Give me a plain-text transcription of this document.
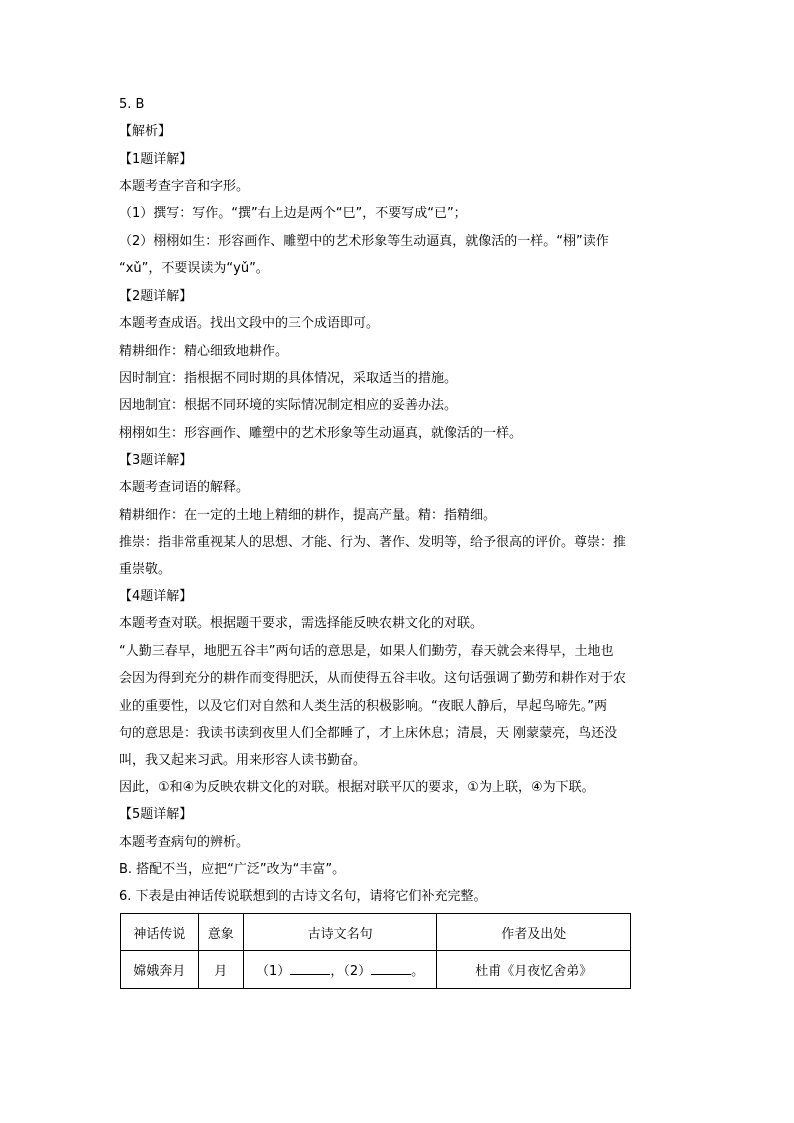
5. B
【解析】
【1题详解】
本题考查字音和字形。
（1）撰写：写作。“撰”右上边是两个“巳”，不要写成“已”；
（2）栩栩如生：形容画作、雕塑中的艺术形象等生动逼真，就像活的一样。“栩”读作
“xǔ”，不要误读为“yǔ”。
【2题详解】
本题考查成语。找出文段中的三个成语即可。
精耕细作：精心细致地耕作。
因时制宜：指根据不同时期的具体情况，采取适当的措施。
因地制宜：根据不同环境的实际情况制定相应的妥善办法。
栩栩如生：形容画作、雕塑中的艺术形象等生动逼真，就像活的一样。
【3题详解】
本题考查词语的解释。
精耕细作：在一定的土地上精细的耕作，提高产量。精：指精细。
推崇：指非常重视某人的思想、才能、行为、著作、发明等，给予很高的评价。尊崇：推
重崇敬。
【4题详解】
本题考查对联。根据题干要求，需选择能反映农耕文化的对联。
“人勤三春早，地肥五谷丰”两句话的意思是，如果人们勤劳，春天就会来得早，土地也
会因为得到充分的耕作而变得肥沃，从而使得五谷丰收。这句话强调了勤劳和耕作对于农
业的重要性，以及它们对自然和人类生活的积极影响。“夜眠人静后，早起鸟啼先。”两
句的意思是：我读书读到夜里人们全都睡了，才上床休息；清晨，天 刚蒙蒙亮，鸟还没
叫，我又起来习武。用来形容人读书勤奋。
因此，①和④为反映农耕文化的对联。根据对联平仄的要求，①为上联，④为下联。
【5题详解】
本题考查病句的辨析。
B. 搭配不当，应把“广泛”改为“丰富”。
6. 下表是由神话传说联想到的古诗文名句，请将它们补充完整。
神话传说	意象	古诗文名句	作者及出处
嫦娥奔月	月	（1） ，（2） 。	杜甫《月夜忆舍弟》
